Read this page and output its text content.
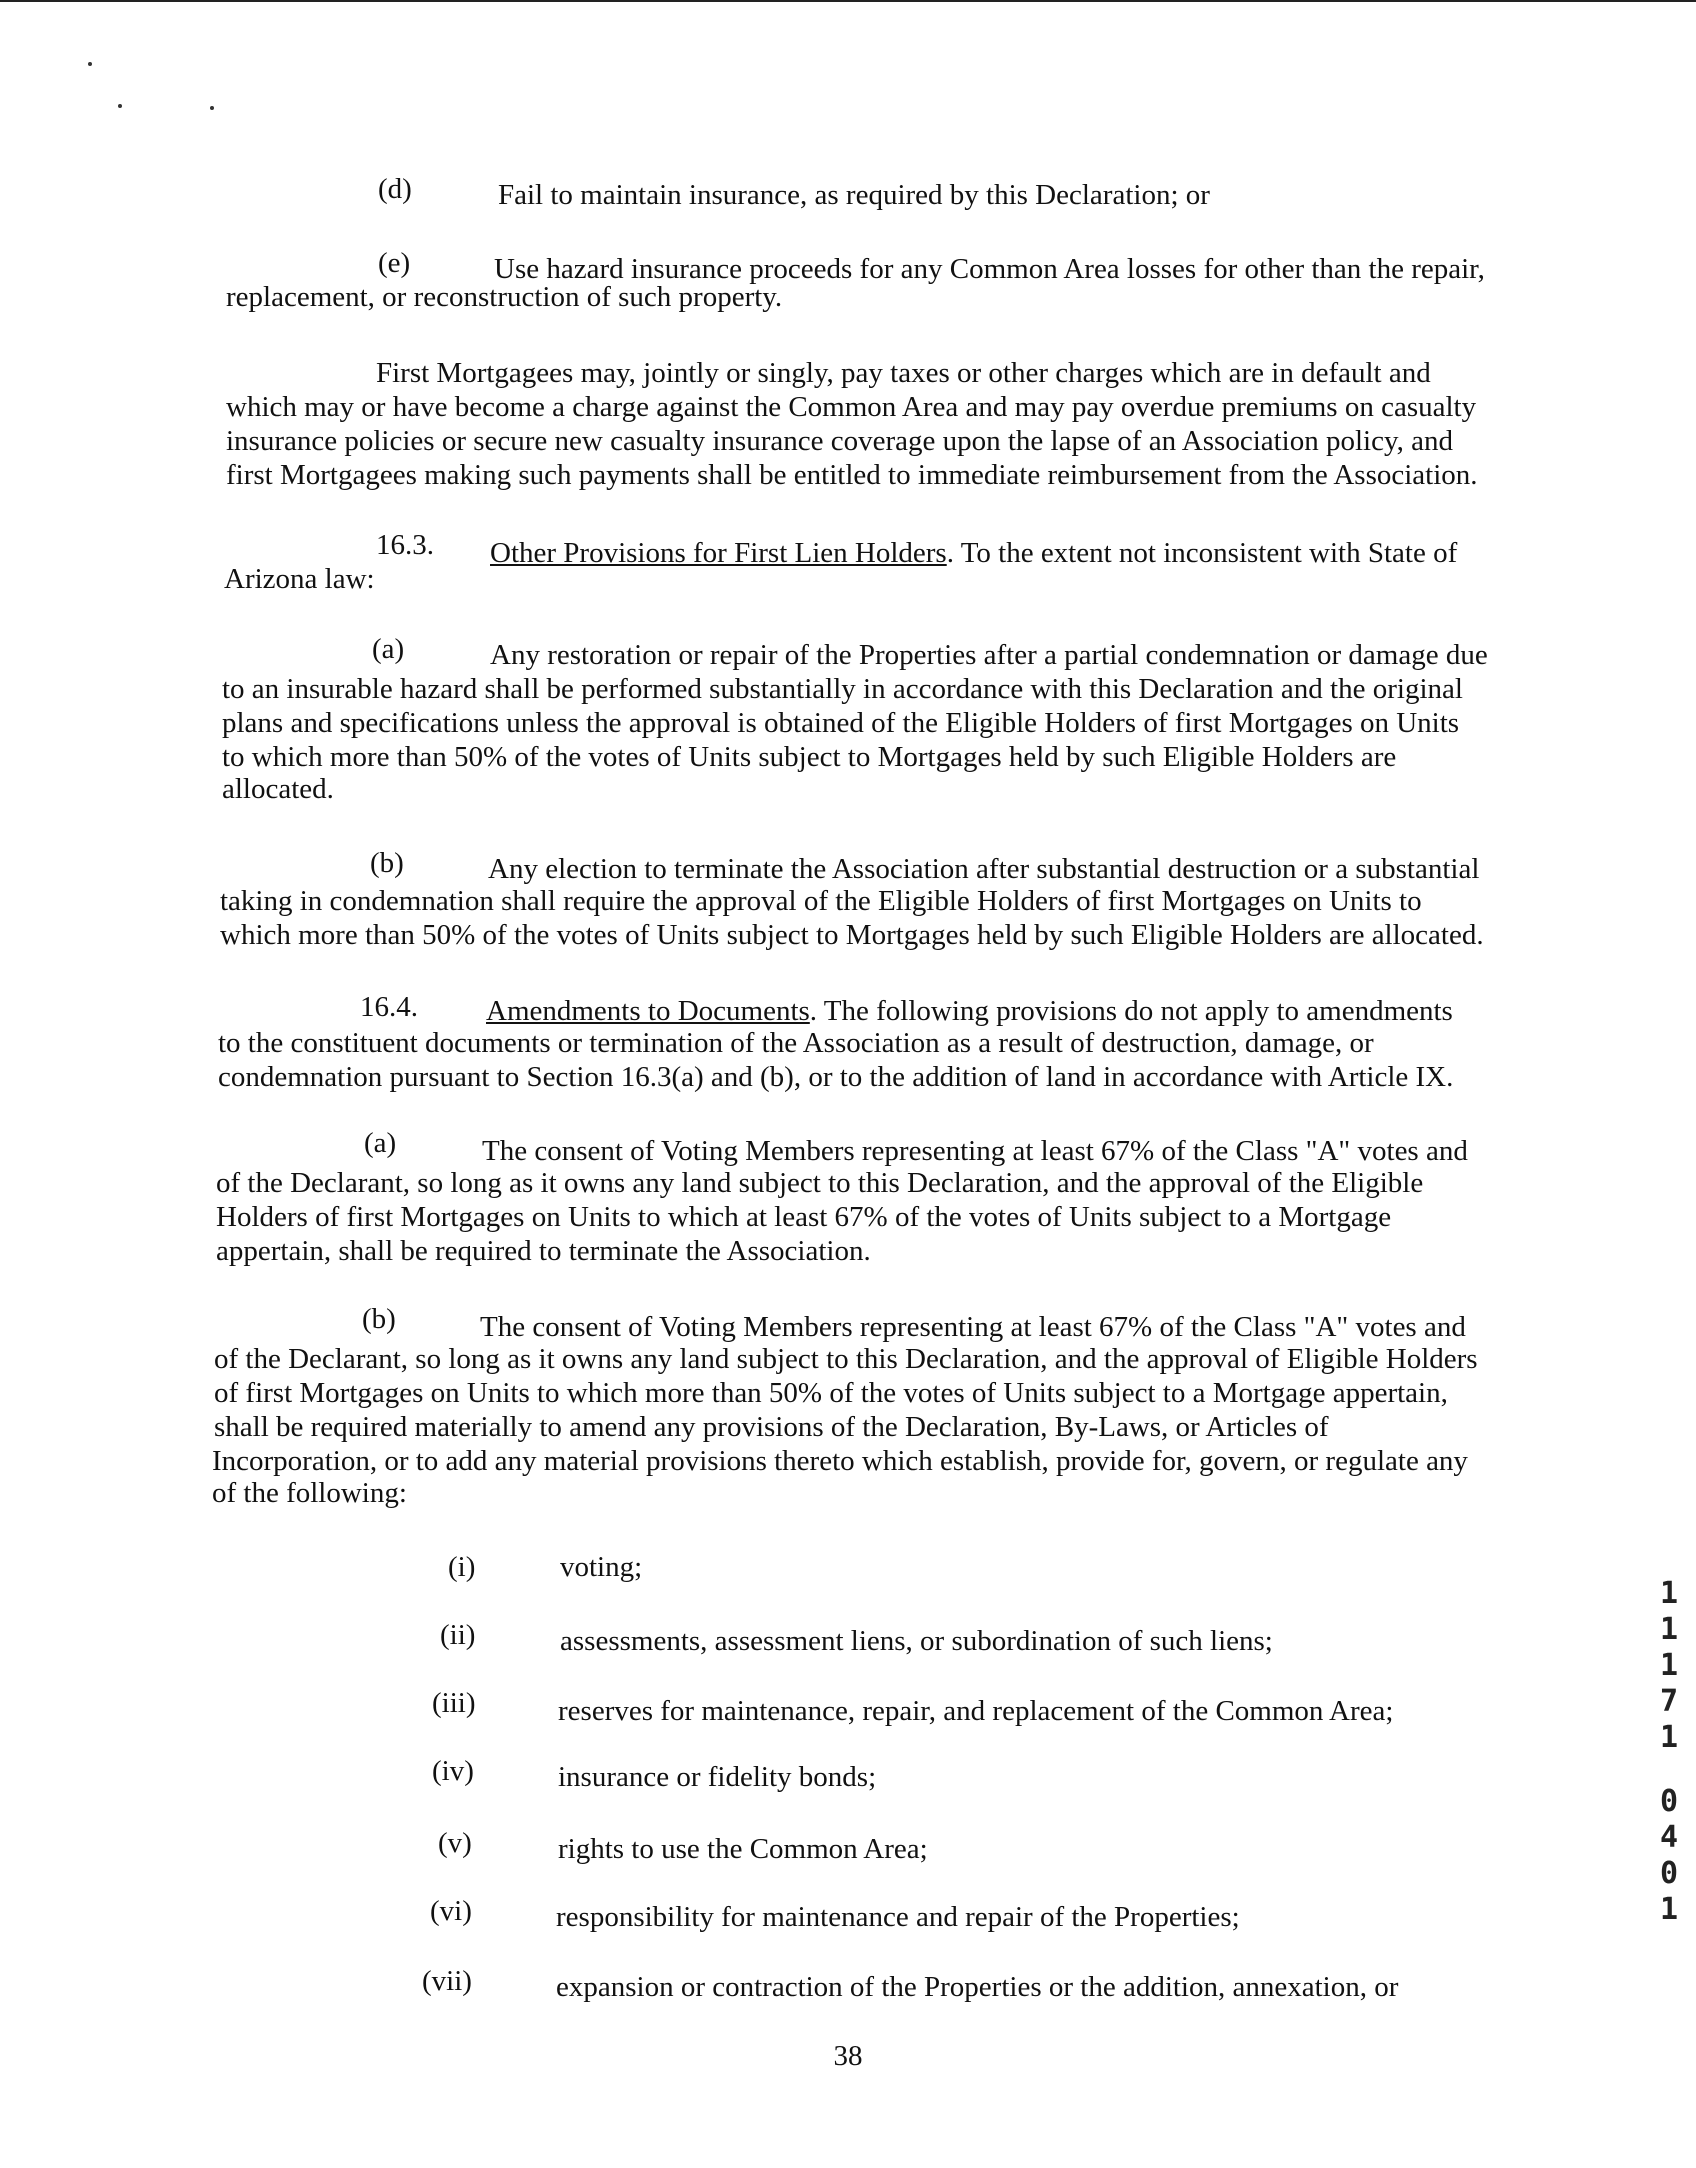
(d)	Fail to maintain insurance, as required by this Declaration; or
(e)	Use hazard insurance proceeds for any Common Area losses for other than the repair,
replacement, or reconstruction of such property.
First Mortgagees may, jointly or singly, pay taxes or other charges which are in default and
which may or have become a charge against the Common Area and may pay overdue premiums on casualty
insurance policies or secure new casualty insurance coverage upon the lapse of an Association policy, and
first Mortgagees making such payments shall be entitled to immediate reimbursement from the Association.
16.3. Other Provisions for First Lien Holders. To the extent not inconsistent with State of
Arizona law:
(a)	Any restoration or repair of the Properties after a partial condemnation or damage due
to an insurable hazard shall be performed substantially in accordance with this Declaration and the original
plans and specifications unless the approval is obtained of the Eligible Holders of first Mortgages on Units
to which more than 50% of the votes of Units subject to Mortgages held by such Eligible Holders are
allocated.
(b)	Any election to terminate the Association after substantial destruction or a substantial
taking in condemnation shall require the approval of the Eligible Holders of first Mortgages on Units to
which more than 50% of the votes of Units subject to Mortgages held by such Eligible Holders are allocated.
16.4. Amendments to Documents. The following provisions do not apply to amendments
to the constituent documents or termination of the Association as a result of destruction, damage, or
condemnation pursuant to Section 16.3(a) and (b), or to the addition of land in accordance with Article IX.
(a)	The consent of Voting Members representing at least 67% of the Class "A" votes and
of the Declarant, so long as it owns any land subject to this Declaration, and the approval of the Eligible
Holders of first Mortgages on Units to which at least 67% of the votes of Units subject to a Mortgage
appertain, shall be required to terminate the Association.
(b)	The consent of Voting Members representing at least 67% of the Class "A" votes and
of the Declarant, so long as it owns any land subject to this Declaration, and the approval of Eligible Holders
of first Mortgages on Units to which more than 50% of the votes of Units subject to a Mortgage appertain,
shall be required materially to amend any provisions of the Declaration, By-Laws, or Articles of
Incorporation, or to add any material provisions thereto which establish, provide for, govern, or regulate any
of the following:
(i)	voting;
(ii)	assessments, assessment liens, or subordination of such liens;
(iii)	reserves for maintenance, repair, and replacement of the Common Area;
(iv)	insurance or fidelity bonds;
(v)	rights to use the Common Area;
(vi)	responsibility for maintenance and repair of the Properties;
(vii)	expansion or contraction of the Properties or the addition, annexation, or
38
1
1
1
7
1
0
4
0
1
